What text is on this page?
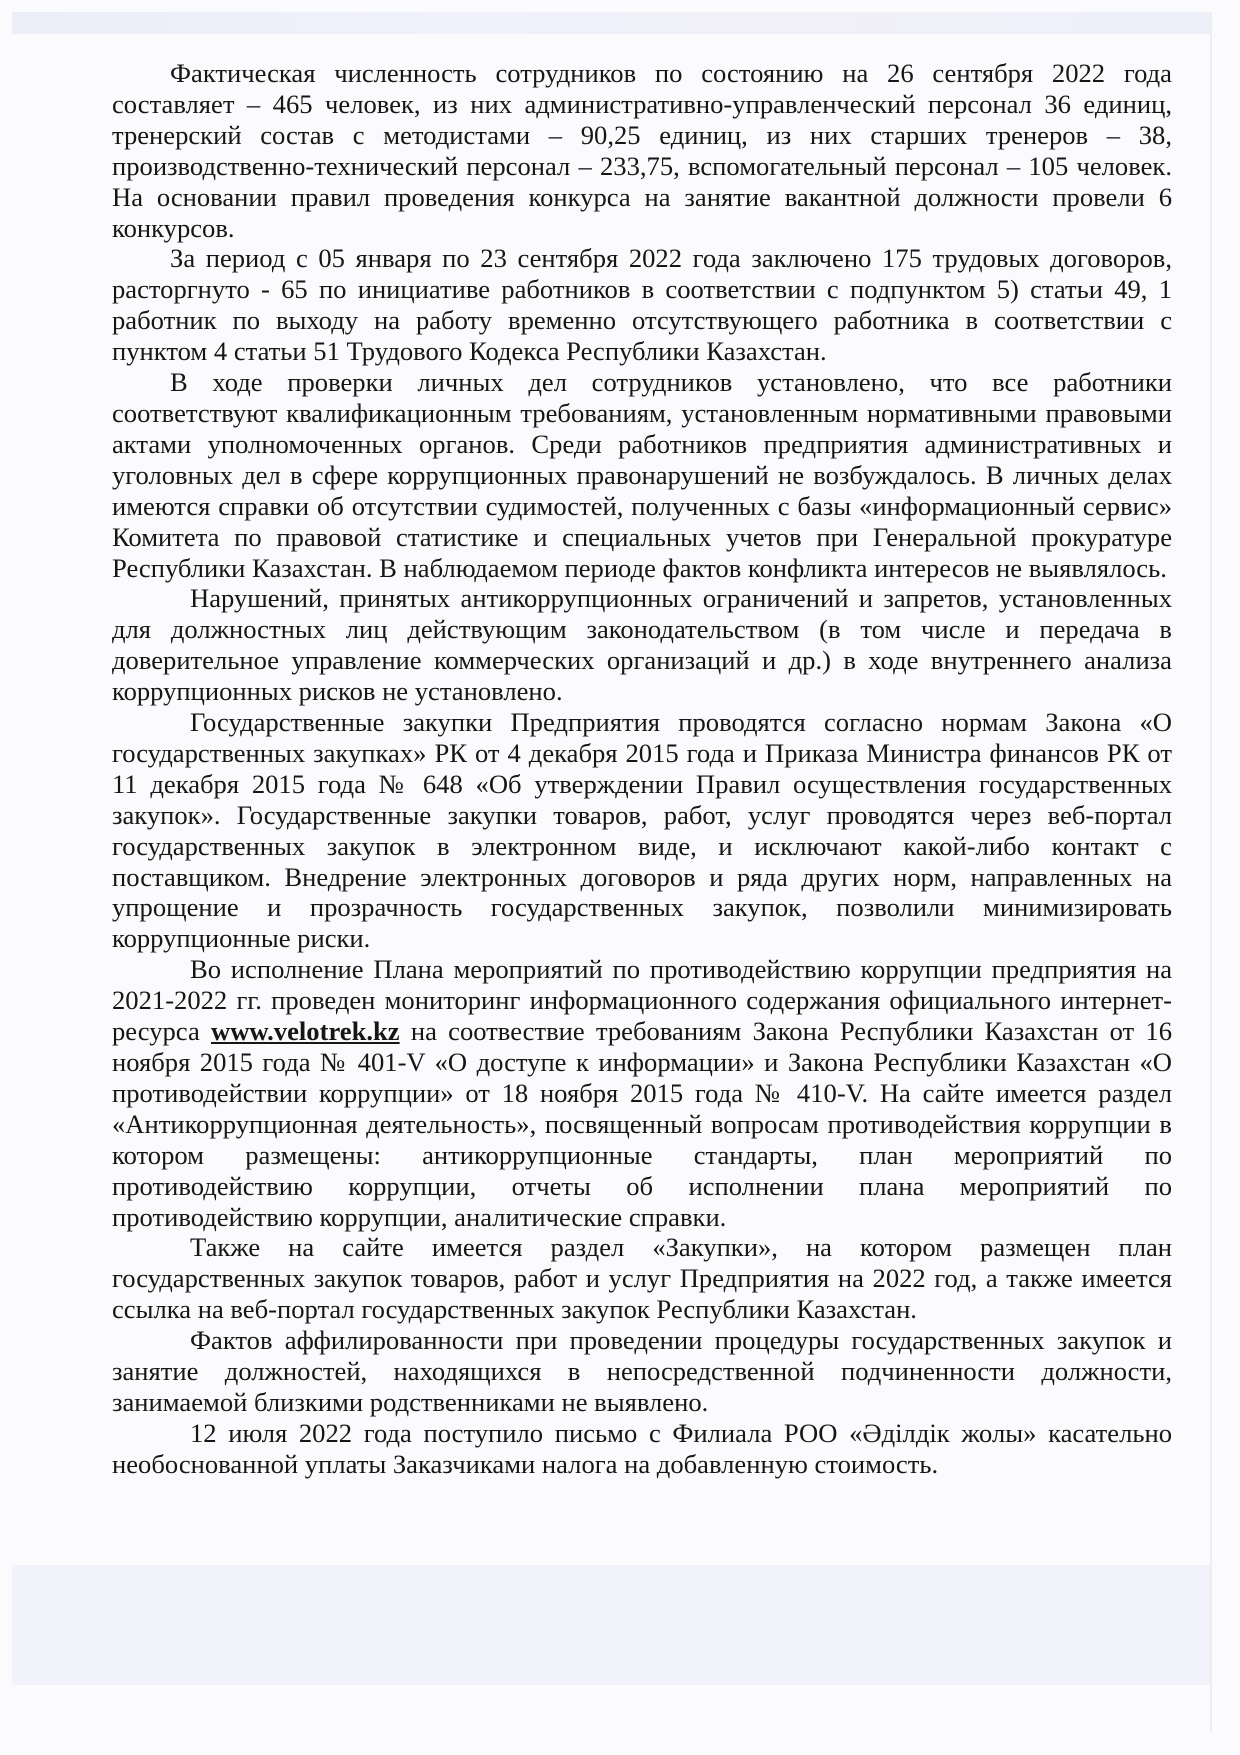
Фактическая численность сотрудников по состоянию на 26 сентября 2022 года составляет – 465 человек, из них административно-управленческий персонал 36 единиц, тренерский состав с методистами – 90,25 единиц, из них старших тренеров – 38, производственно-технический персонал – 233,75, вспомогательный персонал – 105 человек. На основании правил проведения конкурса на занятие вакантной должности провели 6 конкурсов.

За период с 05 января по 23 сентября 2022 года заключено 175 трудовых договоров, расторгнуто - 65 по инициативе работников в соответствии с подпунктом 5) статьи 49, 1 работник по выходу на работу временно отсутствующего работника в соответствии с пунктом 4 статьи 51 Трудового Кодекса Республики Казахстан.

В ходе проверки личных дел сотрудников установлено, что все работники соответствуют квалификационным требованиям, установленным нормативными правовыми актами уполномоченных органов. Среди работников предприятия административных и уголовных дел в сфере коррупционных правонарушений не возбуждалось. В личных делах имеются справки об отсутствии судимостей, полученных с базы «информационный сервис» Комитета по правовой статистике и специальных учетов при Генеральной прокуратуре Республики Казахстан. В наблюдаемом периоде фактов конфликта интересов не выявлялось.

Нарушений, принятых антикоррупционных ограничений и запретов, установленных для должностных лиц действующим законодательством (в том числе и передача в доверительное управление коммерческих организаций и др.) в ходе внутреннего анализа коррупционных рисков не установлено.

Государственные закупки Предприятия проводятся согласно нормам Закона «О государственных закупках» РК от 4 декабря 2015 года и Приказа Министра финансов РК от 11 декабря 2015 года № 648 «Об утверждении Правил осуществления государственных закупок». Государственные закупки товаров, работ, услуг проводятся через веб-портал государственных закупок в электронном виде, и исключают какой-либо контакт с поставщиком. Внедрение электронных договоров и ряда других норм, направленных на упрощение и прозрачность государственных закупок, позволили минимизировать коррупционные риски.

Во исполнение Плана мероприятий по противодействию коррупции предприятия на 2021-2022 гг. проведен мониторинг информационного содержания официального интернет-ресурса www.velotrek.kz на соотвествие требованиям Закона Республики Казахстан от 16 ноября 2015 года № 401-V «О доступе к информации» и Закона Республики Казахстан «О противодействии коррупции» от 18 ноября 2015 года № 410-V. На сайте имеется раздел «Антикоррупционная деятельность», посвященный вопросам противодействия коррупции в котором размещены: антикоррупционные стандарты, план мероприятий по противодействию коррупции, отчеты об исполнении плана мероприятий по противодействию коррупции, аналитические справки.

Также на сайте имеется раздел «Закупки», на котором размещен план государственных закупок товаров, работ и услуг Предприятия на 2022 год, а также имеется ссылка на веб-портал государственных закупок Республики Казахстан.

Фактов аффилированности при проведении процедуры государственных закупок и занятие должностей, находящихся в непосредственной подчиненности должности, занимаемой близкими родственниками не выявлено.

12 июля 2022 года поступило письмо с Филиала РОО «Әділдік жолы» касательно необоснованной уплаты Заказчиками налога на добавленную стоимость.
